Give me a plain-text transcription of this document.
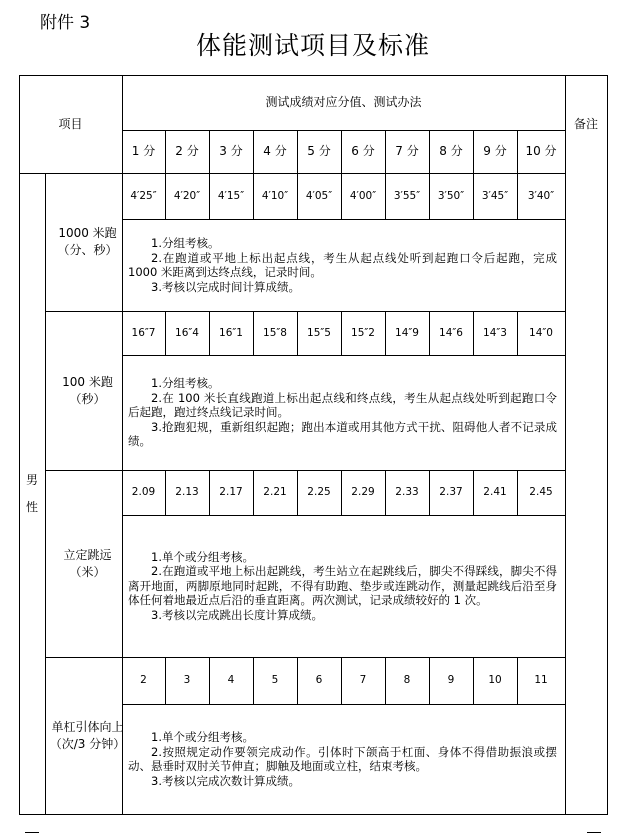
附件 3
体能测试项目及标准
项目
测试成绩对应分值、测试办法
备注
1 分 2 分 3 分 4 分 5 分 6 分 7 分 8 分 9 分 10 分
男
性
1000 米跑
（分、秒）
4′25″ 4′20″ 4′15″ 4′10″ 4′05″ 4′00″ 3′55″ 3′50″ 3′45″ 3′40″

1.分组考核。

2.在跑道或平地上标出起点线，考生从起点线处听到起跑口令后起跑，完成 1000 米距离到达终点线，记录时间。

3.考核以完成时间计算成绩。

100 米跑
（秒）
16″7 16″4 16″1 15″8 15″5 15″2 14″9 14″6 14″3 14″0

1.分组考核。

2.在 100 米长直线跑道上标出起点线和终点线，考生从起点线处听到起跑口令后起跑，跑过终点线记录时间。

3.抢跑犯规，重新组织起跑；跑出本道或用其他方式干扰、阻碍他人者不记录成绩。

立定跳远
（米）
2.09 2.13 2.17 2.21 2.25 2.29 2.33 2.37 2.41 2.45

1.单个或分组考核。

2.在跑道或平地上标出起跳线，考生站立在起跳线后，脚尖不得踩线，脚尖不得离开地面，两脚原地同时起跳，不得有助跑、垫步或连跳动作，测量起跳线后沿至身体任何着地最近点后沿的垂直距离。两次测试，记录成绩较好的 1 次。

3.考核以完成跳出长度计算成绩。

单杠引体向上（次/3 分钟）
2	3	4	5	6	7	8	9	10	11

1.单个或分组考核。

2.按照规定动作要领完成动作。引体时下颌高于杠面、身体不得借助振浪或摆动、悬垂时双肘关节伸直；脚触及地面或立柱，结束考核。

3.考核以完成次数计算成绩。
